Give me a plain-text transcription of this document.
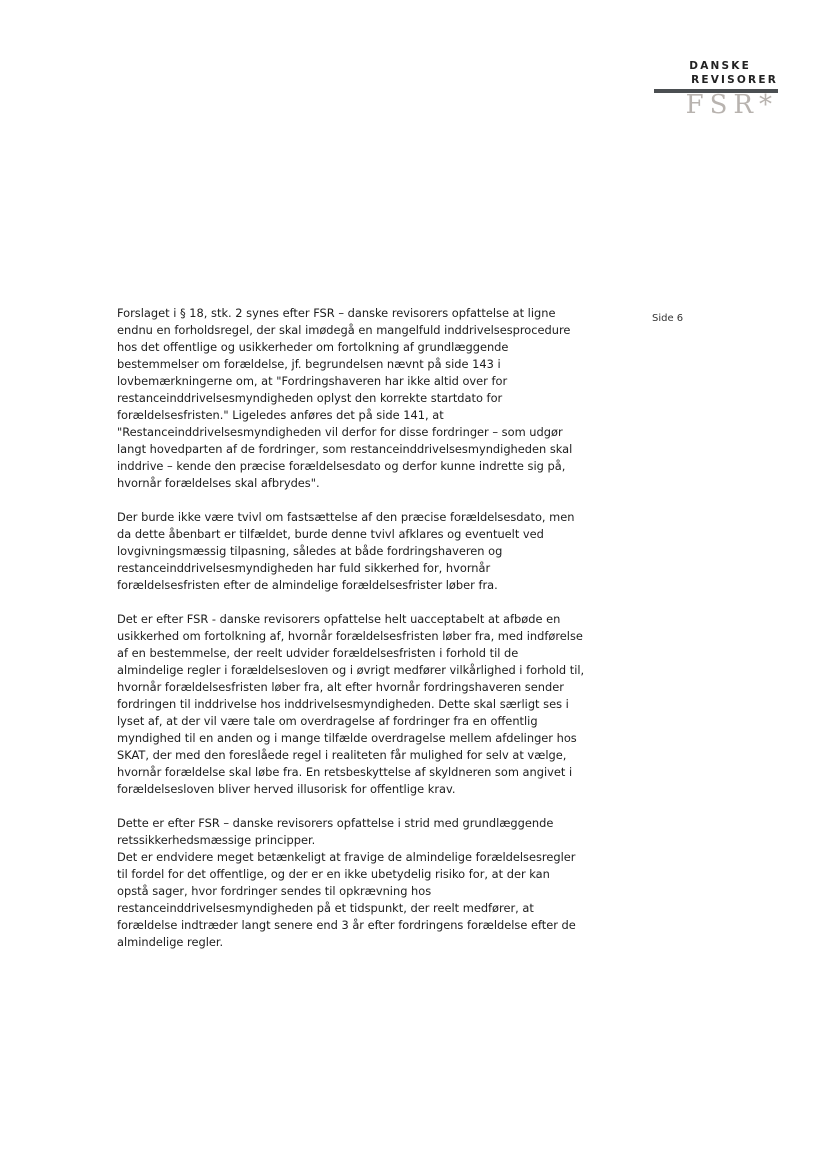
DANSKE
REVISORER
FSR*
Side 6

Forslaget i § 18, stk. 2 synes efter FSR – danske revisorers opfattelse at ligne

endnu en forholdsregel, der skal imødegå en mangelfuld inddrivelsesprocedure

hos det offentlige og usikkerheder om fortolkning af grundlæggende

bestemmelser om forældelse, jf. begrundelsen nævnt på side 143 i

lovbemærkningerne om, at "Fordringshaveren har ikke altid over for

restanceinddrivelsesmyndigheden oplyst den korrekte startdato for

forældelsesfristen." Ligeledes anføres det på side 141, at

"Restanceinddrivelsesmyndigheden vil derfor for disse fordringer – som udgør

langt hovedparten af de fordringer, som restanceinddrivelsesmyndigheden skal

inddrive – kende den præcise forældelsesdato og derfor kunne indrette sig på,

hvornår forældelses skal afbrydes".

Der burde ikke være tvivl om fastsættelse af den præcise forældelsesdato, men

da dette åbenbart er tilfældet, burde denne tvivl afklares og eventuelt ved

lovgivningsmæssig tilpasning, således at både fordringshaveren og

restanceinddrivelsesmyndigheden har fuld sikkerhed for, hvornår

forældelsesfristen efter de almindelige forældelsesfrister løber fra.

Det er efter FSR - danske revisorers opfattelse helt uacceptabelt at afbøde en

usikkerhed om fortolkning af, hvornår forældelsesfristen løber fra, med indførelse

af en bestemmelse, der reelt udvider forældelsesfristen i forhold til de

almindelige regler i forældelsesloven og i øvrigt medfører vilkårlighed i forhold til,

hvornår forældelsesfristen løber fra, alt efter hvornår fordringshaveren sender

fordringen til inddrivelse hos inddrivelsesmyndigheden. Dette skal særligt ses i

lyset af, at der vil være tale om overdragelse af fordringer fra en offentlig

myndighed til en anden og i mange tilfælde overdragelse mellem afdelinger hos

SKAT, der med den foreslåede regel i realiteten får mulighed for selv at vælge,

hvornår forældelse skal løbe fra. En retsbeskyttelse af skyldneren som angivet i

forældelsesloven bliver herved illusorisk for offentlige krav.

Dette er efter FSR – danske revisorers opfattelse i strid med grundlæggende

retssikkerhedsmæssige principper.

Det er endvidere meget betænkeligt at fravige de almindelige forældelsesregler

til fordel for det offentlige, og der er en ikke ubetydelig risiko for, at der kan

opstå sager, hvor fordringer sendes til opkrævning hos

restanceinddrivelsesmyndigheden på et tidspunkt, der reelt medfører, at

forældelse indtræder langt senere end 3 år efter fordringens forældelse efter de

almindelige regler.
